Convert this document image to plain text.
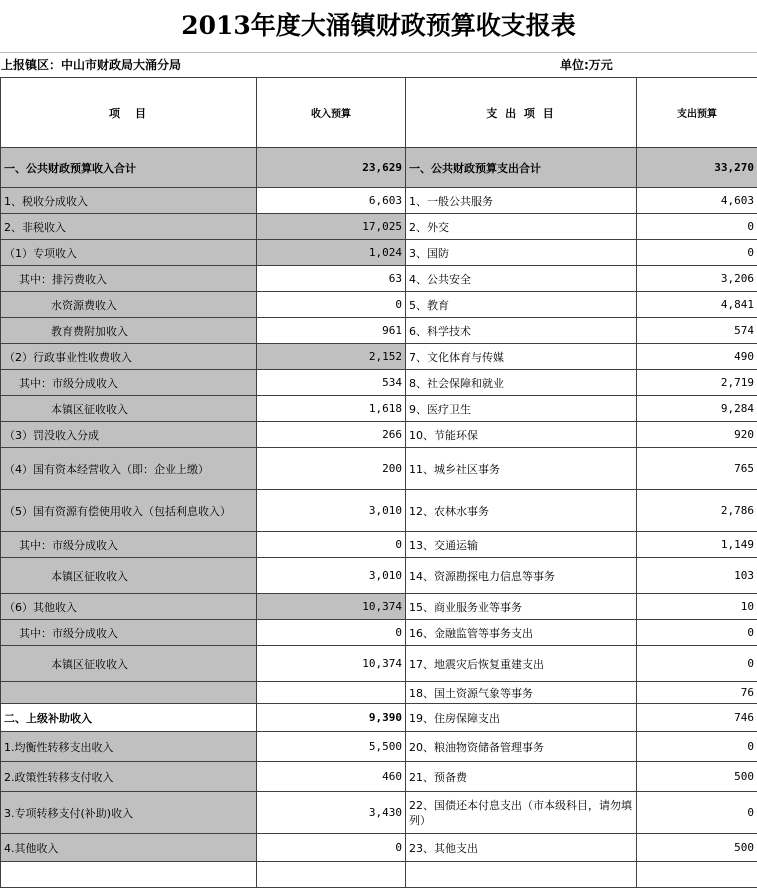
2013年度大涌镇财政预算收支报表
上报镇区：中山市财政局大涌分局	单位:万元
项　目	收入预算	支 出 项 目	支出预算
一、公共财政预算收入合计	23,629	一、公共财政预算支出合计	33,270
1、税收分成收入	6,603	1、一般公共服务	4,603
2、非税收入	17,025	2、外交	0
（1）专项收入	1,024	3、国防	0
其中：排污费收入	63	4、公共安全	3,206
水资源费收入	0	5、教育	4,841
教育费附加收入	961	6、科学技术	574
（2）行政事业性收费收入	2,152	7、文化体育与传媒	490
其中：市级分成收入	534	8、社会保障和就业	2,719
本镇区征收收入	1,618	9、医疗卫生	9,284
（3）罚没收入分成	266	10、节能环保	920
（4）国有资本经营收入（即：企业上缴）	200	11、城乡社区事务	765
（5）国有资源有偿使用收入（包括利息收入）	3,010	12、农林水事务	2,786
其中：市级分成收入	0	13、交通运输	1,149
本镇区征收收入	3,010	14、资源勘探电力信息等事务	103
（6）其他收入	10,374	15、商业服务业等事务	10
其中：市级分成收入	0	16、金融监管等事务支出	0
本镇区征收收入	10,374	17、地震灾后恢复重建支出	0
		18、国土资源气象等事务	76
二、上级补助收入	9,390	19、住房保障支出	746
1.均衡性转移支出收入	5,500	20、粮油物资储备管理事务	0
2.政策性转移支付收入	460	21、预备费	500
3.专项转移支付(补助)收入	3,430	22、国债还本付息支出（市本级科目，请勿填列）	0
4.其他收入	0	23、其他支出	500
